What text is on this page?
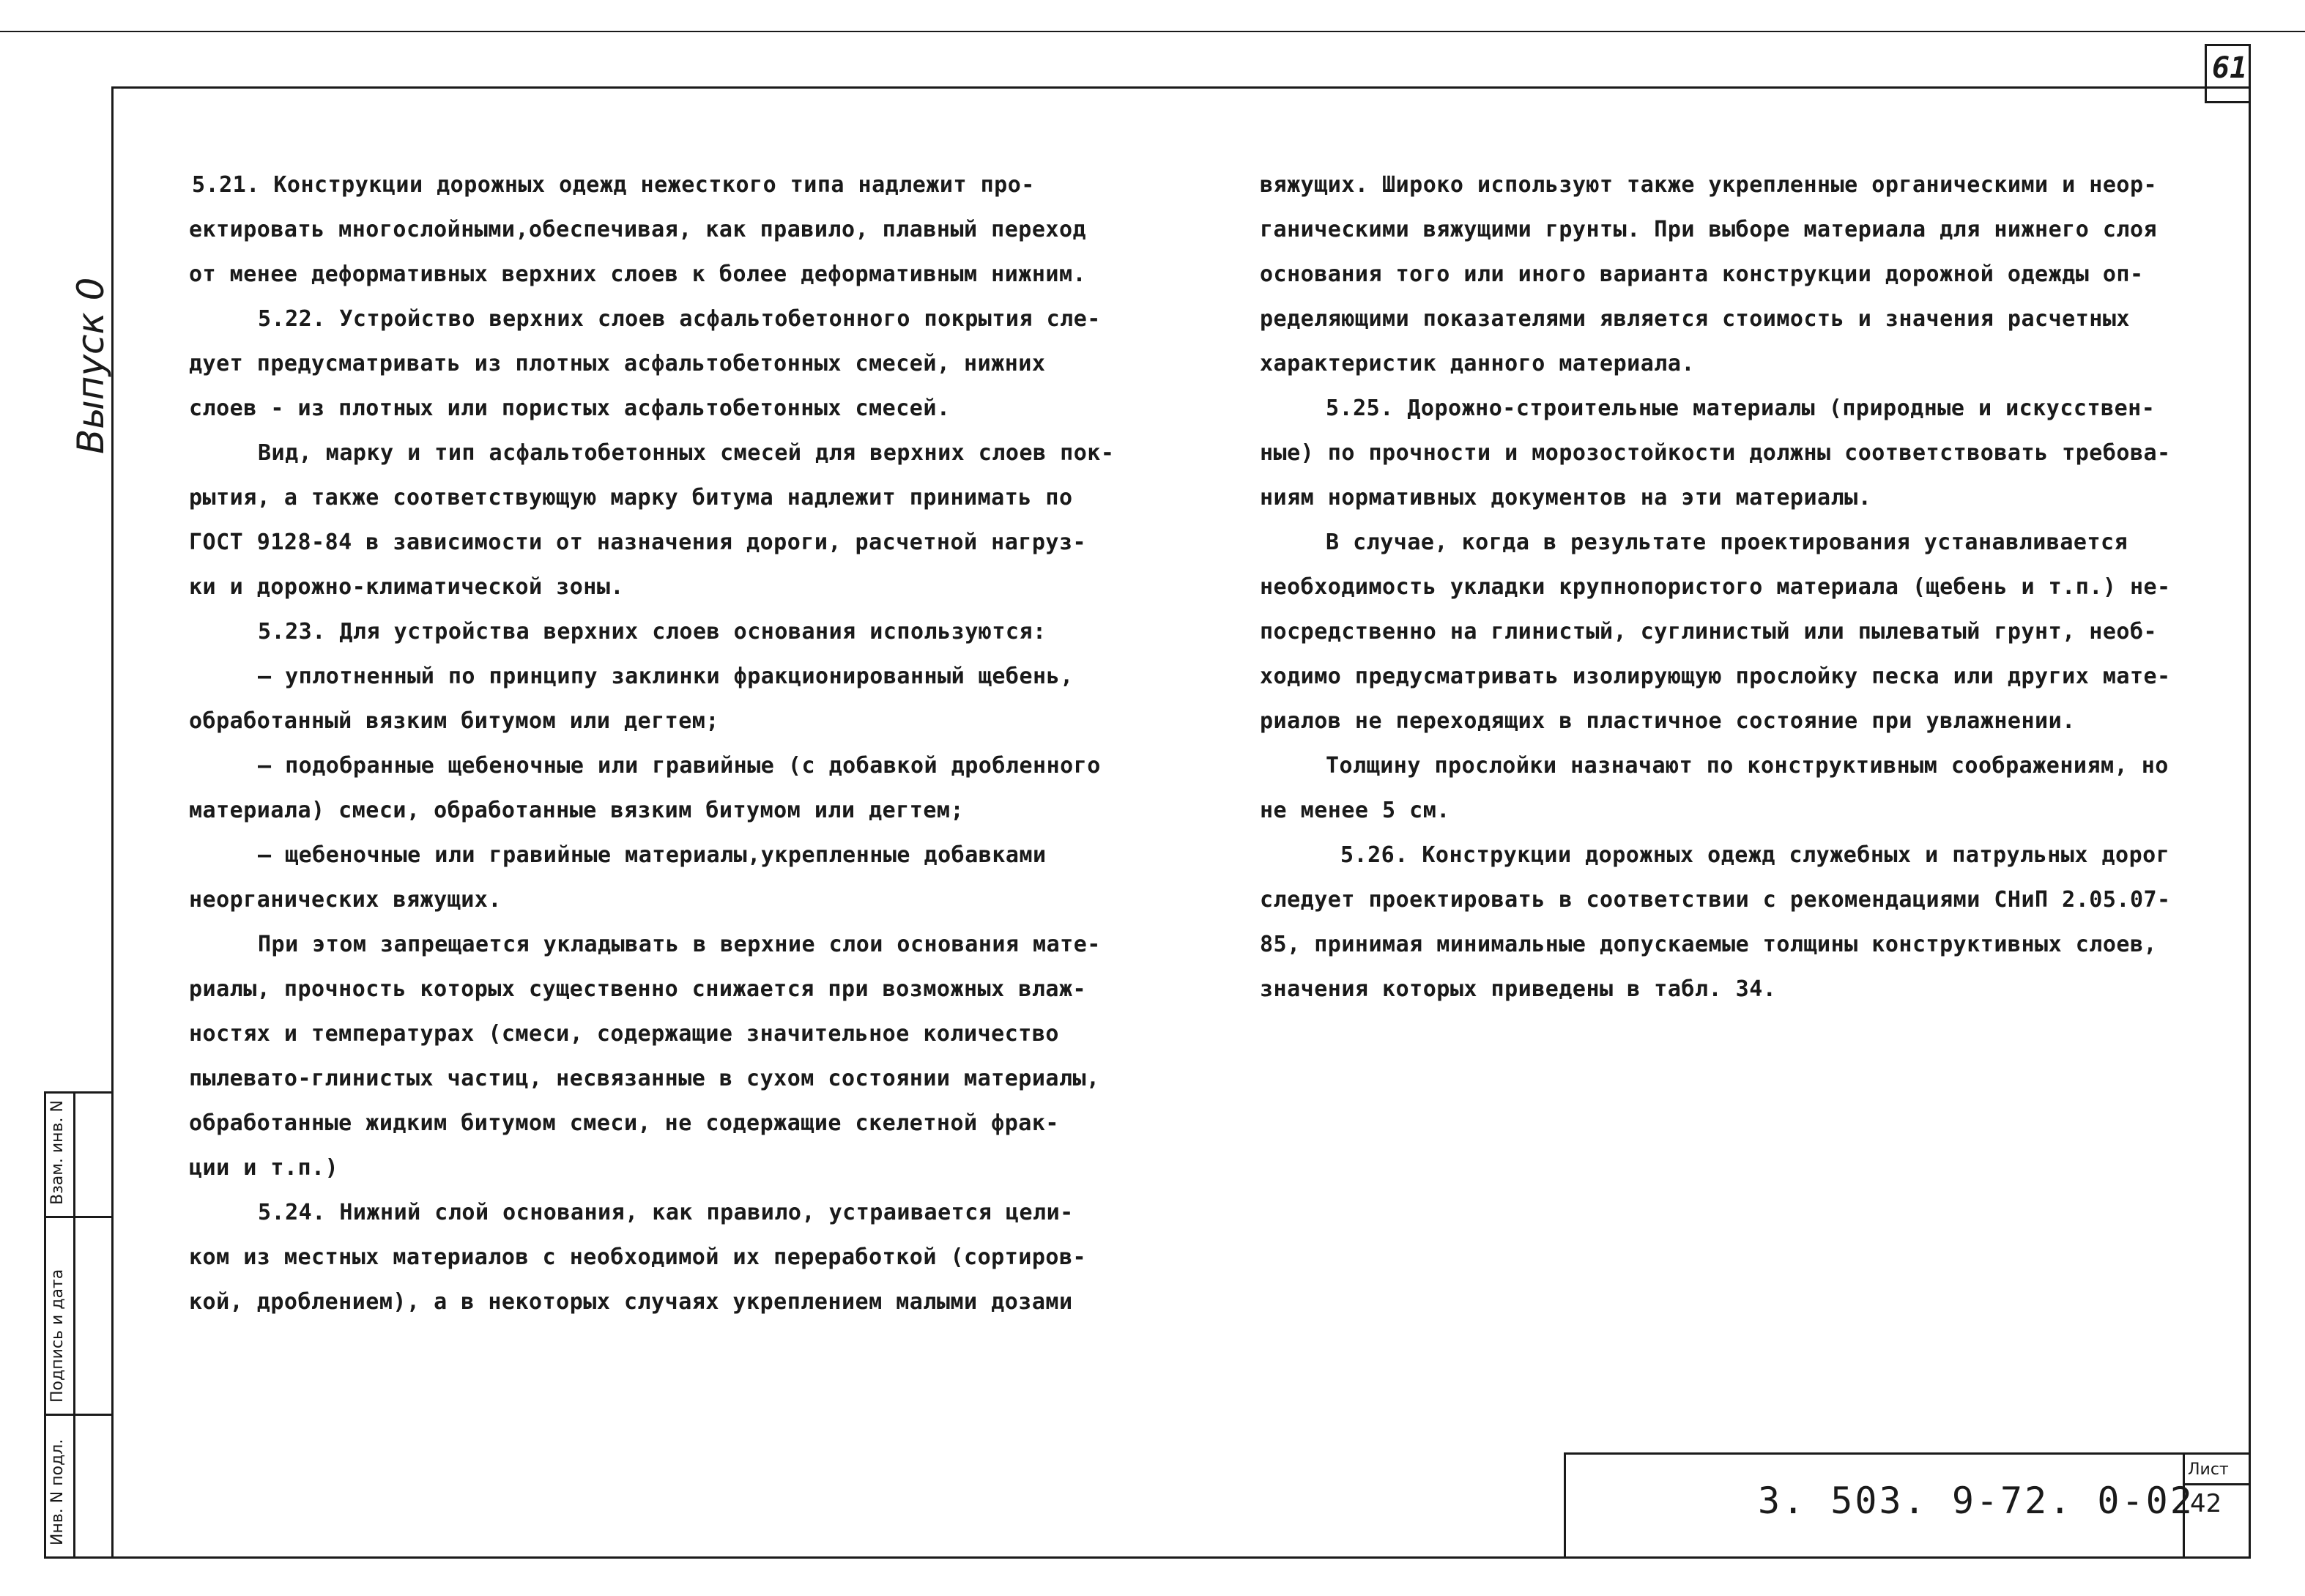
61
Выпуск 0
Инв. N подл.
Подпись и дата
Взам. инв. N

5.21. Конструкции дорожных одежд нежесткого типа надлежит про-

ектировать многослойными,обеспечивая, как правило, плавный переход

от менее деформативных верхних слоев к более деформативным нижним.

5.22. Устройство верхних слоев асфальтобетонного покрытия сле-

дует предусматривать из плотных асфальтобетонных смесей, нижних

слоев - из плотных или пористых асфальтобетонных смесей.

Вид, марку и тип асфальтобетонных смесей для верхних слоев пок-

рытия, а также соответствующую марку битума надлежит принимать по

ГОСТ 9128-84 в зависимости от назначения дороги, расчетной нагруз-

ки и дорожно-климатической зоны.

5.23. Для устройства верхних слоев основания используются:

– уплотненный по принципу заклинки фракционированный щебень,

обработанный вязким битумом или дегтем;

– подобранные щебеночные или гравийные (с добавкой дробленного

материала) смеси, обработанные вязким битумом или дегтем;

– щебеночные или гравийные материалы,укрепленные добавками

неорганических вяжущих.

При этом запрещается укладывать в верхние слои основания мате-

риалы, прочность которых существенно снижается при возможных влаж-

ностях и температурах (смеси, содержащие значительное количество

пылевато-глинистых частиц, несвязанные в сухом состоянии материалы,

обработанные жидким битумом смеси, не содержащие скелетной фрак-

ции и т.п.)

5.24. Нижний слой основания, как правило, устраивается цели-

ком из местных материалов с необходимой их переработкой (сортиров-

кой, дроблением), а в некоторых случаях укреплением малыми дозами

вяжущих. Широко используют также укрепленные органическими и неор-

ганическими вяжущими грунты. При выборе материала для нижнего слоя

основания того или иного варианта конструкции дорожной одежды оп-

ределяющими показателями является стоимость и значения расчетных

характеристик данного материала.

5.25. Дорожно-строительные материалы (природные и искусствен-

ные) по прочности и морозостойкости должны соответствовать требова-

ниям нормативных документов на эти материалы.

В случае, когда в результате проектирования устанавливается

необходимость укладки крупнопористого материала (щебень и т.п.) не-

посредственно на глинистый, суглинистый или пылеватый грунт, необ-

ходимо предусматривать изолирующую прослойку песка или других мате-

риалов не переходящих в пластичное состояние при увлажнении.

Толщину прослойки назначают по конструктивным соображениям, но

не менее 5 см.

5.26. Конструкции дорожных одежд служебных и патрульных дорог

следует проектировать в соответствии с рекомендациями СНиП 2.05.07-

85, принимая минимальные допускаемые толщины конструктивных слоев,

значения которых приведены в табл. 34.

3. 503. 9-72. 0-02
Лист
42
